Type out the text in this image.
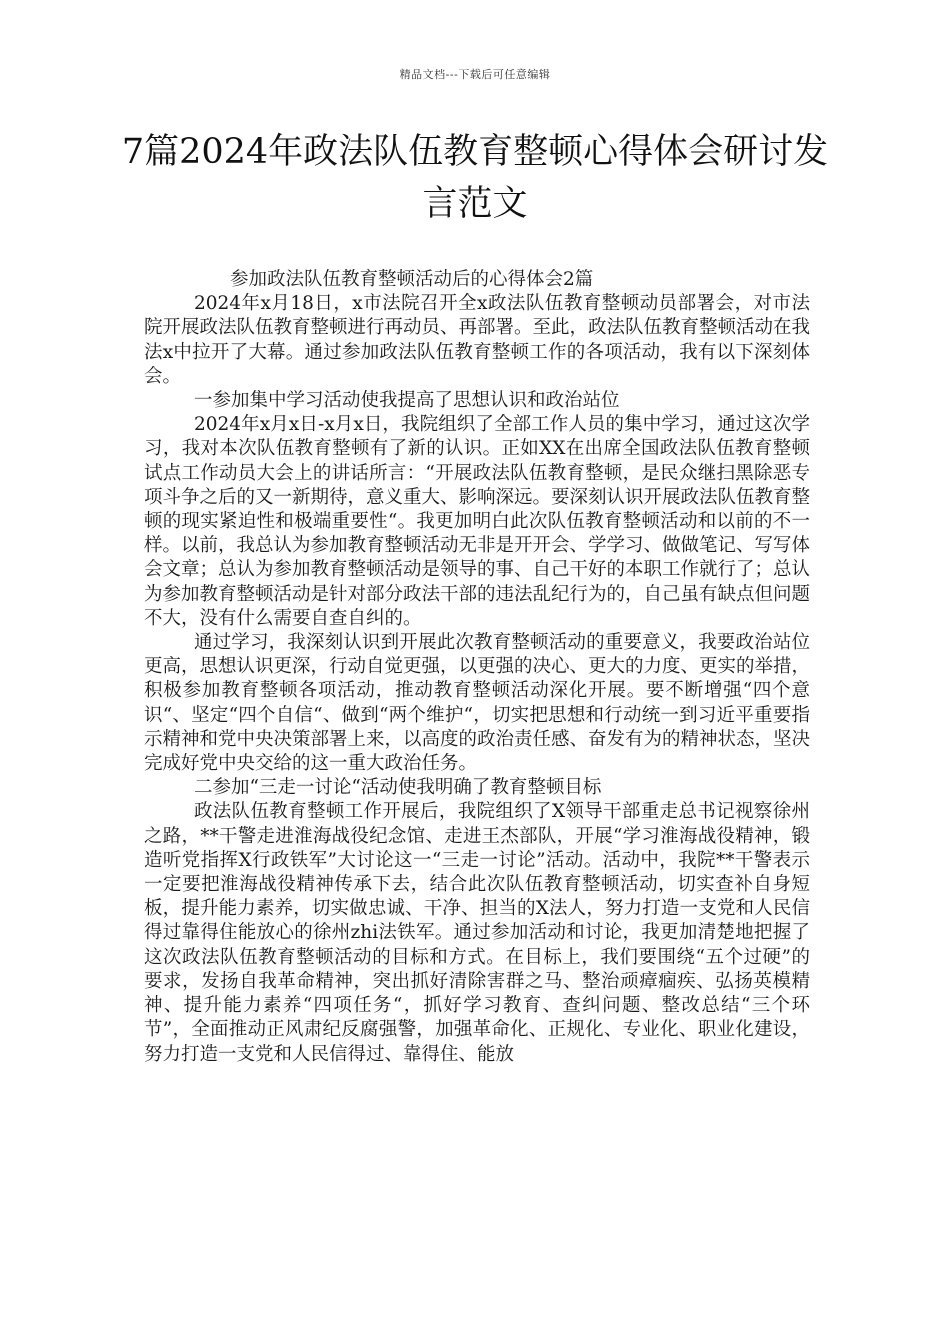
精品文档---下载后可任意编辑
7篇2024年政法队伍教育整顿心得体会研讨发言范文

参加政法队伍教育整顿活动后的心得体会2篇

2024年x月18日，x市法院召开全x政法队伍教育整顿动员部署会，对市法院开展政法队伍教育整顿进行再动员、再部署。至此，政法队伍教育整顿活动在我法x中拉开了大幕。通过参加政法队伍教育整顿工作的各项活动，我有以下深刻体会。

一参加集中学习活动使我提高了思想认识和政治站位

2024年x月x日-x月x日，我院组织了全部工作人员的集中学习，通过这次学习，我对本次队伍教育整顿有了新的认识。正如XX在出席全国政法队伍教育整顿试点工作动员大会上的讲话所言：“开展政法队伍教育整顿，是民众继扫黑除恶专项斗争之后的又一新期待，意义重大、影响深远。要深刻认识开展政法队伍教育整顿的现实紧迫性和极端重要性“。我更加明白此次队伍教育整顿活动和以前的不一样。以前，我总认为参加教育整顿活动无非是开开会、学学习、做做笔记、写写体会文章；总认为参加教育整顿活动是领导的事、自己干好的本职工作就行了；总认为参加教育整顿活动是针对部分政法干部的违法乱纪行为的，自己虽有缺点但问题不大，没有什么需要自查自纠的。

通过学习，我深刻认识到开展此次教育整顿活动的重要意义，我要政治站位更高，思想认识更深，行动自觉更强，以更强的决心、更大的力度、更实的举措，积极参加教育整顿各项活动，推动教育整顿活动深化开展。要不断增强“四个意识“、坚定“四个自信“、做到“两个维护“，切实把思想和行动统一到习近平重要指示精神和党中央决策部署上来，以高度的政治责任感、奋发有为的精神状态，坚决完成好党中央交给的这一重大政治任务。

二参加“三走一讨论“活动使我明确了教育整顿目标

政法队伍教育整顿工作开展后，我院组织了X领导干部重走总书记视察徐州之路，**干警走进淮海战役纪念馆、走进王杰部队，开展“学习淮海战役精神，锻造听党指挥X行政铁军”大讨论这一“三走一讨论”活动。活动中，我院**干警表示一定要把淮海战役精神传承下去，结合此次队伍教育整顿活动，切实查补自身短板，提升能力素养，切实做忠诚、干净、担当的X法人，努力打造一支党和人民信得过靠得住能放心的徐州zhi法铁军。通过参加活动和讨论，我更加清楚地把握了这次政法队伍教育整顿活动的目标和方式。在目标上，我们要围绕“五个过硬”的要求，发扬自我革命精神，突出抓好清除害群之马、整治顽瘴痼疾、弘扬英模精神、提升能力素养“四项任务“，抓好学习教育、查纠问题、整改总结“三个环节”，全面推动正风肃纪反腐强警，加强革命化、正规化、专业化、职业化建设，努力打造一支党和人民信得过、靠得住、能放
